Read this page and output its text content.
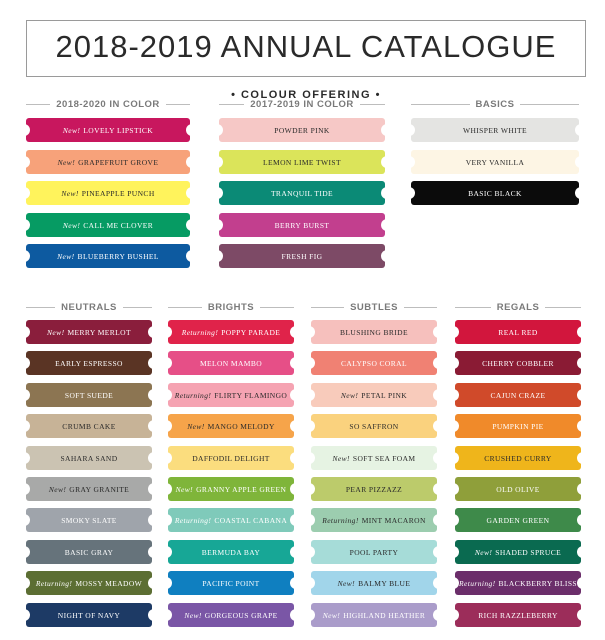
2018-2019 ANNUAL CATALOGUE
• COLOUR OFFERING •
2018-2020 IN COLOR
New! LOVELY LIPSTICK
New! GRAPEFRUIT GROVE
New! PINEAPPLE PUNCH
New! CALL ME CLOVER
New! BLUEBERRY BUSHEL
2017-2019 IN COLOR
POWDER PINK
LEMON LIME TWIST
TRANQUIL TIDE
BERRY BURST
FRESH FIG
BASICS
WHISPER WHITE
VERY VANILLA
BASIC BLACK
NEUTRALS
New! MERRY MERLOT
EARLY ESPRESSO
SOFT SUEDE
CRUMB CAKE
SAHARA SAND
New! GRAY GRANITE
SMOKY SLATE
BASIC GRAY
Returning! MOSSY MEADOW
NIGHT OF NAVY
BRIGHTS
Returning! POPPY PARADE
MELON MAMBO
Returning! FLIRTY FLAMINGO
New! MANGO MELODY
DAFFODIL DELIGHT
New! GRANNY APPLE GREEN
Returning! COASTAL CABANA
BERMUDA BAY
PACIFIC POINT
New! GORGEOUS GRAPE
SUBTLES
BLUSHING BRIDE
CALYPSO CORAL
New! PETAL PINK
SO SAFFRON
New! SOFT SEA FOAM
PEAR PIZZAZZ
Returning! MINT MACARON
POOL PARTY
New! BALMY BLUE
New! HIGHLAND HEATHER
REGALS
REAL RED
CHERRY COBBLER
CAJUN CRAZE
PUMPKIN PIE
CRUSHED CURRY
OLD OLIVE
GARDEN GREEN
New! SHADED SPRUCE
Returning! BLACKBERRY BLISS
RICH RAZZLEBERRY
